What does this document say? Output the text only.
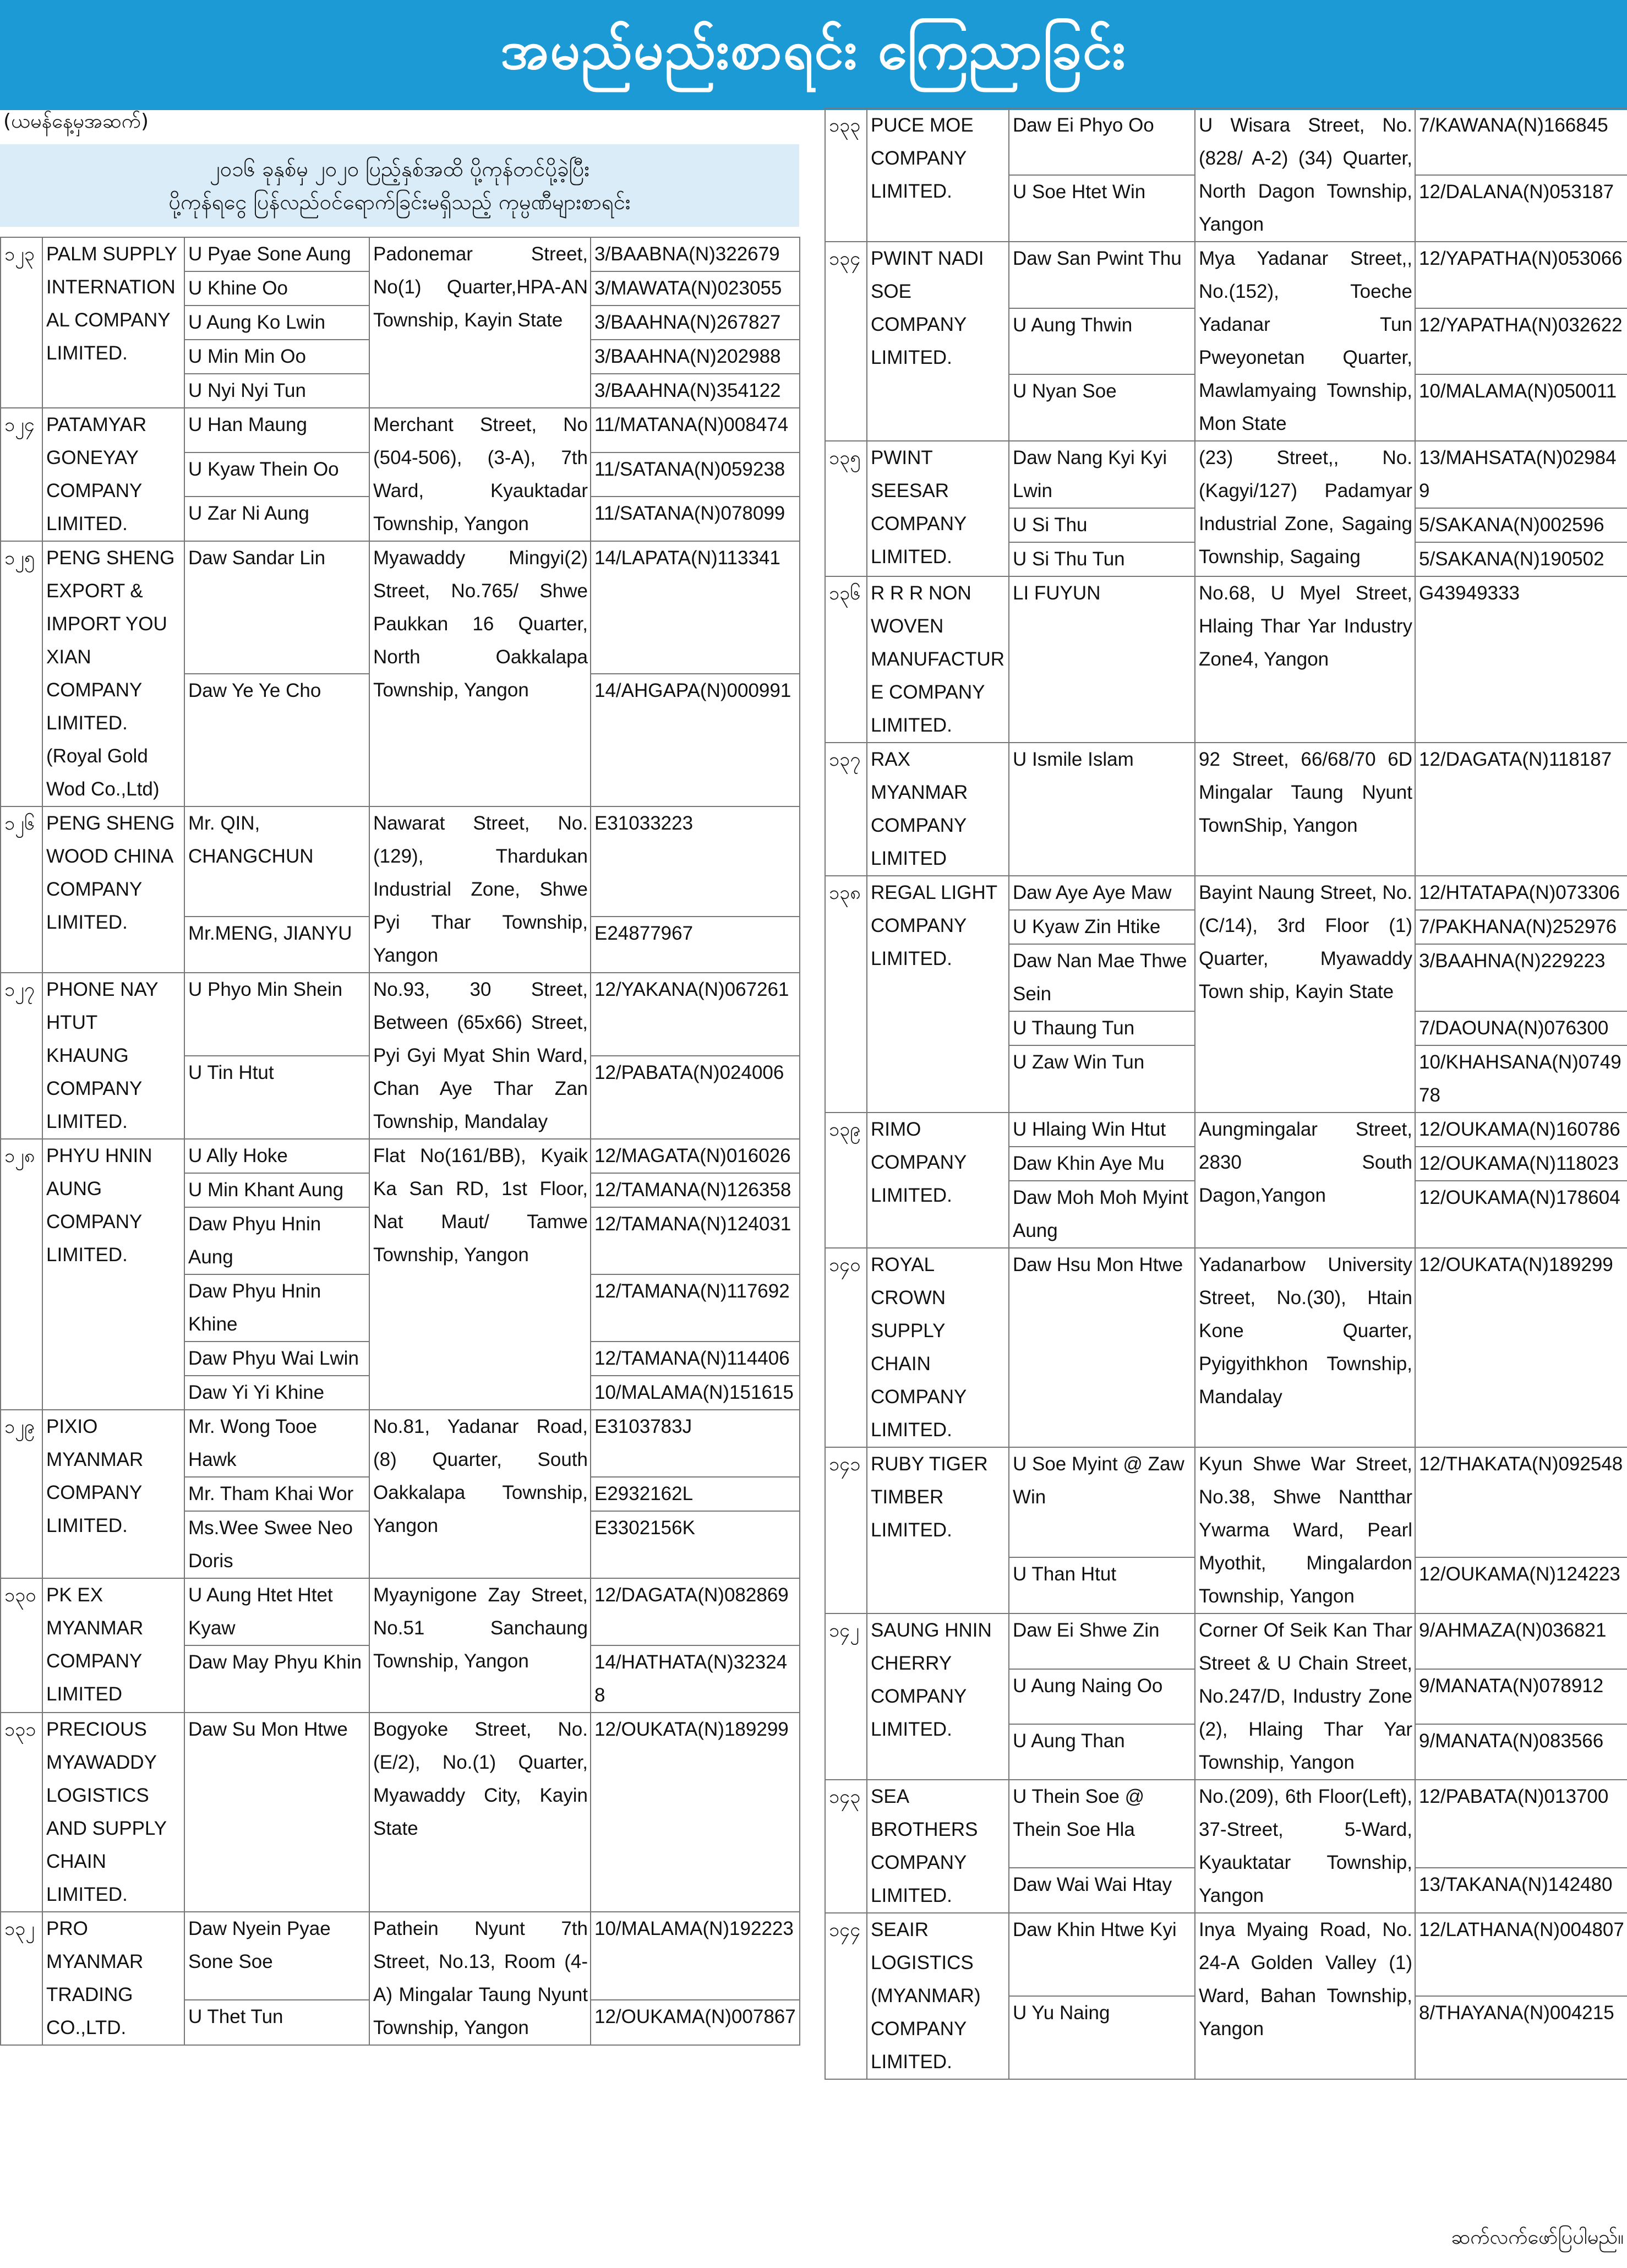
အမည်မည်းစာရင်း ကြေညာခြင်း
(ယမန်နေ့မှအဆက်)
၂၀၁၆ ခုနှစ်မှ ၂၀၂၀ ပြည့်နှစ်အထိ ပို့ကုန်တင်ပို့ခဲ့ပြီး
ပို့ကုန်ရငွေ ပြန်လည်ဝင်ရောက်ခြင်းမရှိသည့် ကုမ္ပဏီများစာရင်း
၁၂၃	PALM SUPPLY INTERNATIONAL COMPANY LIMITED.	U Pyae Sone Aung	Padonemar Street, No(1) Quarter,HPA-AN Township, Kayin State	3/BAABNA(N)322679
		U Khine Oo		3/MAWATA(N)023055
		U Aung Ko Lwin		3/BAAHNA(N)267827
		U Min Min Oo		3/BAAHNA(N)202988
		U Nyi Nyi Tun		3/BAAHNA(N)354122
၁၂၄	PATAMYAR GONEYAY COMPANY LIMITED.	U Han Maung	Merchant Street, No (504-506), (3-A), 7th Ward, Kyauktadar Township, Yangon	11/MATANA(N)008474
		U Kyaw Thein Oo		11/SATANA(N)059238
		U Zar Ni Aung		11/SATANA(N)078099
၁၂၅	PENG SHENG EXPORT & IMPORT YOU XIAN COMPANY LIMITED.(Royal Gold Wod Co.,Ltd)	Daw Sandar Lin	Myawaddy Mingyi(2) Street, No.765/ Shwe Paukkan 16 Quarter, North Oakkalapa Township, Yangon	14/LAPATA(N)113341
		Daw Ye Ye Cho		14/AHGAPA(N)000991
၁၂၆	PENG SHENG WOOD CHINA COMPANY LIMITED.	Mr. QIN, CHANGCHUN	Nawarat Street, No. (129), Thardukan Industrial Zone, Shwe Pyi Thar Township, Yangon	E31033223
		Mr.MENG, JIANYU		E24877967
၁၂၇	PHONE NAY HTUT KHAUNG COMPANY LIMITED.	U Phyo Min Shein	No.93, 30 Street, Between (65x66) Street, Pyi Gyi Myat Shin Ward, Chan Aye Thar Zan Township, Mandalay	12/YAKANA(N)067261
		U Tin Htut		12/PABATA(N)024006
၁၂၈	PHYU HNIN AUNG COMPANY LIMITED.	U Ally Hoke	Flat No(161/BB), Kyaik Ka San RD, 1st Floor, Nat Maut/ Tamwe Township, Yangon	12/MAGATA(N)016026
		U Min Khant Aung		12/TAMANA(N)126358
		Daw Phyu Hnin Aung		12/TAMANA(N)124031
		Daw Phyu Hnin Khine		12/TAMANA(N)117692
		Daw Phyu Wai Lwin		12/TAMANA(N)114406
		Daw Yi Yi Khine		10/MALAMA(N)151615
၁၂၉	PIXIO MYANMAR COMPANY LIMITED.	Mr. Wong Tooe Hawk	No.81, Yadanar Road, (8) Quarter, South Oakkalapa Township, Yangon	E3103783J
		Mr. Tham Khai Wor		E2932162L
		Ms.Wee Swee Neo Doris		E3302156K
၁၃၀	PK EX MYANMAR COMPANY LIMITED	U Aung Htet Htet Kyaw	Myaynigone Zay Street, No.51 Sanchaung Township, Yangon	12/DAGATA(N)082869
		Daw May Phyu Khin		14/HATHATA(N)323248
၁၃၁	PRECIOUS MYAWADDY LOGISTICS AND SUPPLY CHAIN LIMITED.	Daw Su Mon Htwe	Bogyoke Street, No.(E/2), No.(1) Quarter, Myawaddy City, Kayin State	12/OUKATA(N)189299
၁၃၂	PRO MYANMAR TRADING CO.,LTD.	Daw Nyein Pyae Sone Soe	Pathein Nyunt 7th Street, No.13, Room (4-A) Mingalar Taung Nyunt Township, Yangon	10/MALAMA(N)192223
		U Thet Tun		12/OUKAMA(N)007867
၁၃၃	PUCE MOE COMPANY LIMITED.	Daw Ei Phyo Oo	U Wisara Street, No. (828/ A-2) (34) Quarter, North Dagon Township, Yangon	7/KAWANA(N)166845
		U Soe Htet Win		12/DALANA(N)053187
၁၃၄	PWINT NADI SOE COMPANY LIMITED.	Daw San Pwint Thu	Mya Yadanar Street,, No.(152), Toeche Yadanar Tun Pweyonetan Quarter, Mawlamyaing Township, Mon State	12/YAPATHA(N)053066
		U Aung Thwin		12/YAPATHA(N)032622
		U Nyan Soe		10/MALAMA(N)050011
၁၃၅	PWINT SEESAR COMPANY LIMITED.	Daw Nang Kyi Kyi Lwin	(23) Street,, No.(Kagyi/127) Padamyar Industrial Zone, Sagaing Township, Sagaing	13/MAHSATA(N)029849
		U Si Thu		5/SAKANA(N)002596
		U Si Thu Tun		5/SAKANA(N)190502
၁၃၆	R R R NON WOVEN MANUFACTURE COMPANY LIMITED.	LI FUYUN	No.68, U Myel Street, Hlaing Thar Yar Industry Zone4, Yangon	G43949333
၁၃၇	RAX MYANMAR COMPANY LIMITED	U Ismile Islam	92 Street, 66/68/70 6D Mingalar Taung Nyunt TownShip, Yangon	12/DAGATA(N)118187
၁၃၈	REGAL LIGHT COMPANY LIMITED.	Daw Aye Aye Maw	Bayint Naung Street, No.(C/14), 3rd Floor (1) Quarter, Myawaddy Town ship, Kayin State	12/HTATAPA(N)073306
		U Kyaw Zin Htike		7/PAKHANA(N)252976
		Daw Nan Mae Thwe Sein		3/BAAHNA(N)229223
		U Thaung Tun		7/DAOUNA(N)076300
		U Zaw Win Tun		10/KHAHSANA(N)074978
၁၃၉	RIMO COMPANY LIMITED.	U Hlaing Win Htut	Aungmingalar Street, 2830 South Dagon,Yangon	12/OUKAMA(N)160786
		Daw Khin Aye Mu		12/OUKAMA(N)118023
		Daw Moh Moh Myint Aung		12/OUKAMA(N)178604
၁၄၀	ROYAL CROWN SUPPLY CHAIN COMPANY LIMITED.	Daw Hsu Mon Htwe	Yadanarbow University Street, No.(30), Htain Kone Quarter, Pyigyithkhon Township, Mandalay	12/OUKATA(N)189299
၁၄၁	RUBY TIGER TIMBER LIMITED.	U Soe Myint @ Zaw Win	Kyun Shwe War Street, No.38, Shwe Nantthar Ywarma Ward, Pearl Myothit, Mingalardon Township, Yangon	12/THAKATA(N)092548
		U Than Htut		12/OUKAMA(N)124223
၁၄၂	SAUNG HNIN CHERRY COMPANY LIMITED.	Daw Ei Shwe Zin	Corner Of Seik Kan Thar Street & U Chain Street, No.247/D, Industry Zone (2), Hlaing Thar Yar Township, Yangon	9/AHMAZA(N)036821
		U Aung Naing Oo		9/MANATA(N)078912
		U Aung Than		9/MANATA(N)083566
၁၄၃	SEA BROTHERS COMPANY LIMITED.	U Thein Soe @ Thein Soe Hla	No.(209), 6th Floor(Left), 37-Street, 5-Ward, Kyauktatar Township, Yangon	12/PABATA(N)013700
		Daw Wai Wai Htay		13/TAKANA(N)142480
၁၄၄	SEAIR LOGISTICS (MYANMAR) COMPANY LIMITED.	Daw Khin Htwe Kyi	Inya Myaing Road, No. 24-A Golden Valley (1) Ward, Bahan Township, Yangon	12/LATHANA(N)004807
		U Yu Naing		8/THAYANA(N)004215
ဆက်လက်ဖော်ပြပါမည်။
